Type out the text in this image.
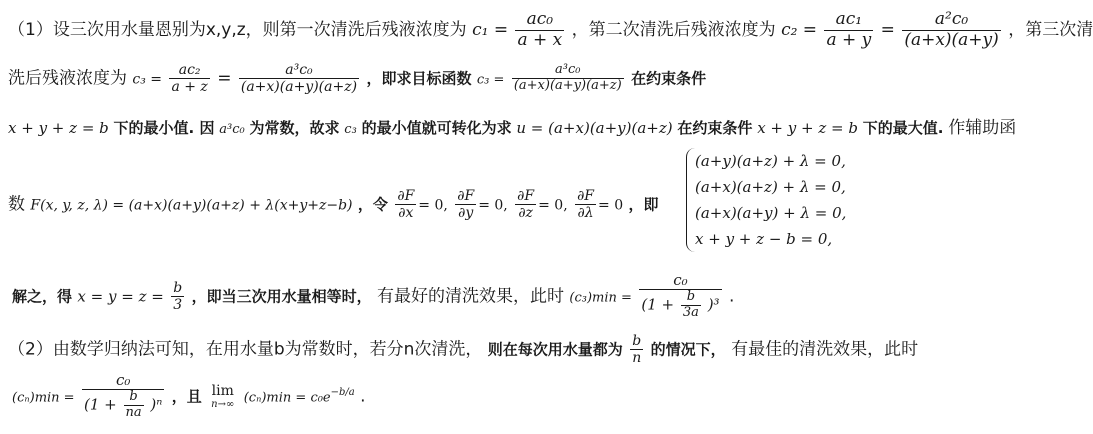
（1）设三次用水量恩别为x,y,z，则第一次清洗后残液浓度为 $c_1 = \frac{\text{ac₀}}{a + x}$ ，第二次清洗后残液浓度为 $c_2 = \frac{\text{ac₁}}{a + y} = \frac{\text{a²c₀}}{(a+x)(a+y)}$ ，第三次清
洗后残液浓度为 $c_3 = \frac{\text{ac₂}}{a + z} = \frac{\text{a³c₀}}{(a+x)(a+y)(a+z)}$ ，即求目标函数 $c_3 = \frac{\text{a³c₀}}{(a+x)(a+y)(a+z)}$ 在约束条件
x + y + z = b 下的最小值. 因 a³c₀ 为常数，故求 c₃ 的最小值就可转化为求 u = (a+x)(a+y)(a+z) 在约束条件 x + y + z = b 下的最大值. 作辅助函
数 F(x, y, z, λ) = (a+x)(a+y)(a+z) + λ(x+y+z−b) ，令 $\frac{\partial F}{\partial x} = 0$, $\frac{\partial F}{\partial y} = 0$, $\frac{\partial F}{\partial z} = 0$, $\frac{\partial F}{\partial\lambda} = 0$ ，即
(a+y)(a+z) + λ = 0,
(a+x)(a+z) + λ = 0,
(a+x)(a+y) + λ = 0,
x + y + z − b = 0,
解之，得 $x = y = z = \frac{b}{3}$ ，即当三次用水量相等时， 有最好的清洗效果，此时 $(c_3)\min = \frac{\text{c₀}}{(1 + \frac{b}{3a} )^3}$ .
（2）由数学归纳法可知，在用水量b为常数时，若分n次清洗， 则在每次用水量都为 $\frac{b}{n}$ 的情况下， 有最佳的清洗效果，此时
$(c_n)\min = \frac{\text{c₀}}{(1 + \frac{b}{na} )^n}$ ，且 lim
n→∞ $(c_n)\min = c_0e^{-b/a}$ .
